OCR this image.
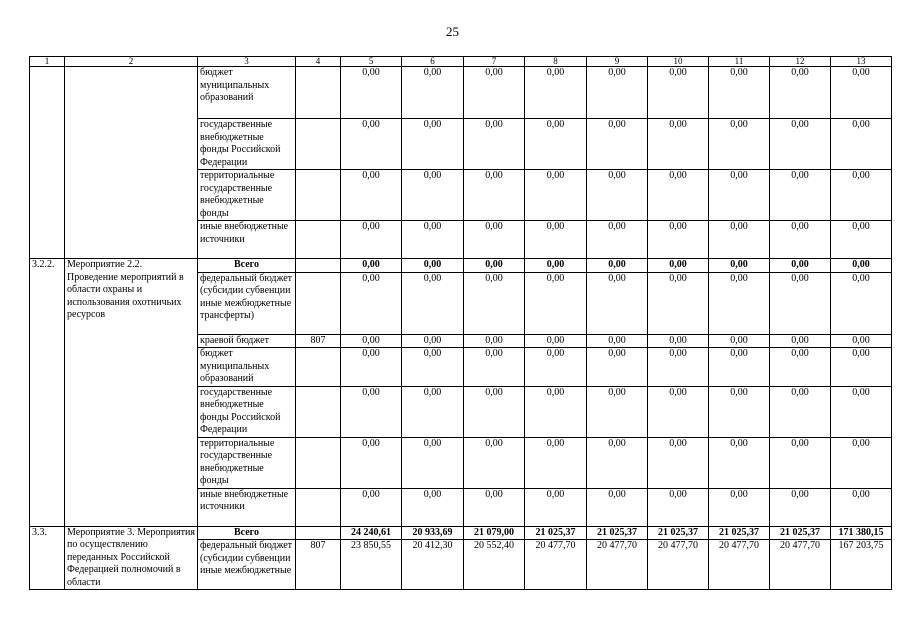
25
1	2	3	4	5	6	7	8	9	10	11	12	13
		бюджет муниципальных образований		0,00	0,00	0,00	0,00	0,00	0,00	0,00	0,00	0,00
		государственные внебюджетные фонды Российской Федерации		0,00	0,00	0,00	0,00	0,00	0,00	0,00	0,00	0,00
		территориальные государственные внебюджетные фонды		0,00	0,00	0,00	0,00	0,00	0,00	0,00	0,00	0,00
		иные внебюджетные источники		0,00	0,00	0,00	0,00	0,00	0,00	0,00	0,00	0,00
3.2.2.	Мероприятие 2.2. Проведение мероприятий в области охраны и использования охотничьих ресурсов	Всего		0,00	0,00	0,00	0,00	0,00	0,00	0,00	0,00	0,00
		федеральный бюджет (субсидии субвенции иные межбюджетные трансферты)		0,00	0,00	0,00	0,00	0,00	0,00	0,00	0,00	0,00
		краевой бюджет	807	0,00	0,00	0,00	0,00	0,00	0,00	0,00	0,00	0,00
		бюджет муниципальных образований		0,00	0,00	0,00	0,00	0,00	0,00	0,00	0,00	0,00
		государственные внебюджетные фонды Российской Федерации		0,00	0,00	0,00	0,00	0,00	0,00	0,00	0,00	0,00
		территориальные государственные внебюджетные фонды		0,00	0,00	0,00	0,00	0,00	0,00	0,00	0,00	0,00
		иные внебюджетные источники		0,00	0,00	0,00	0,00	0,00	0,00	0,00	0,00	0,00
3.3.	Мероприятие 3. Мероприятия по осуществлению переданных Российской Федерацией полномочий в области	Всего		24 240,61	20 933,69	21 079,00	21 025,37	21 025,37	21 025,37	21 025,37	21 025,37	171 380,15
		федеральный бюджет (субсидии субвенции иные межбюджетные	807	23 850,55	20 412,30	20 552,40	20 477,70	20 477,70	20 477,70	20 477,70	20 477,70	167 203,75
